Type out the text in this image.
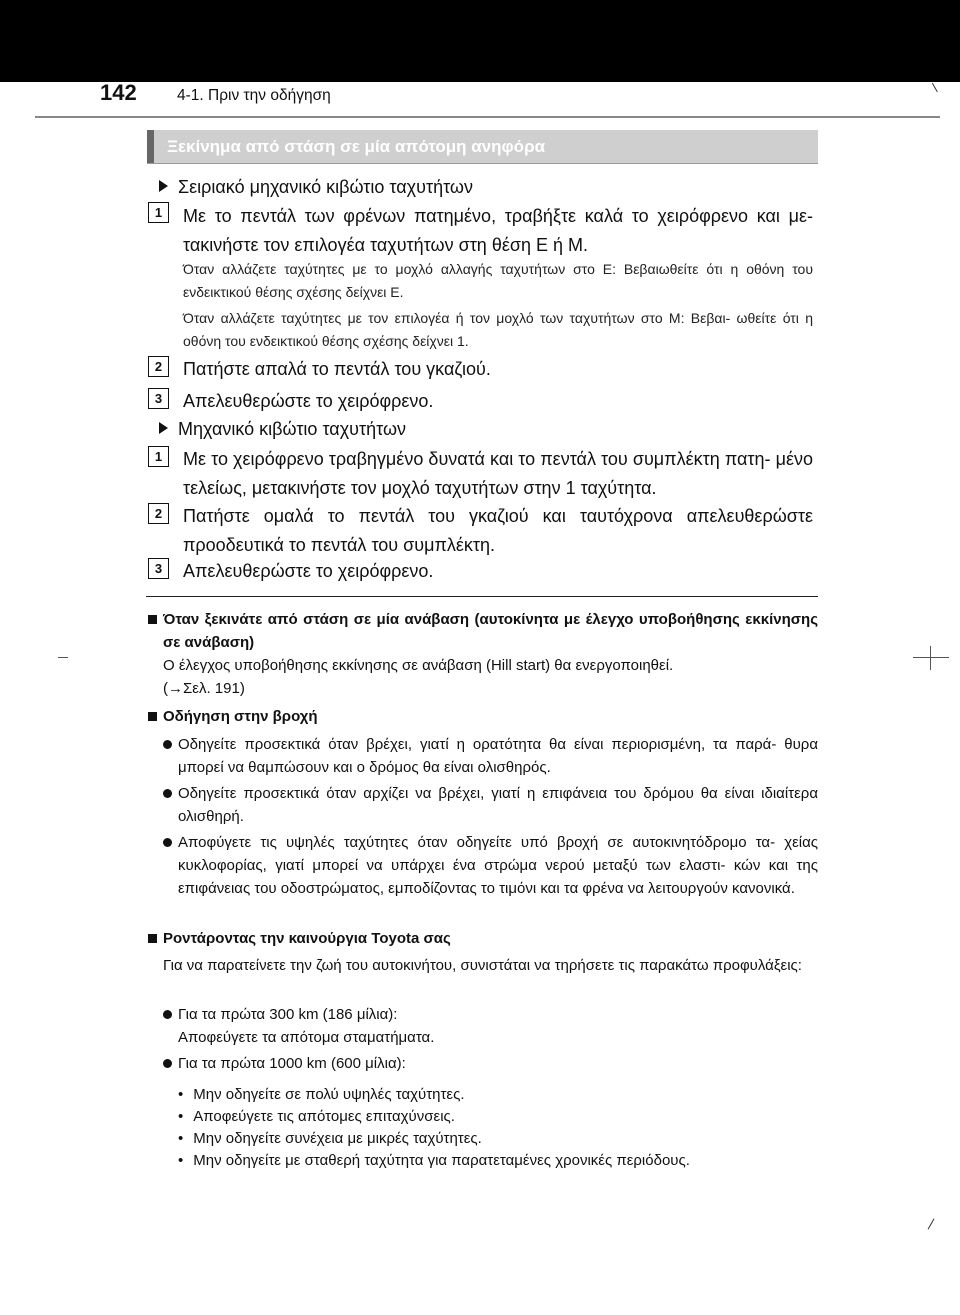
142	4-1. Πριν την οδήγηση
Ξεκίνημα από στάση σε μία απότομη ανηφόρα
Σειριακό μηχανικό κιβώτιο ταχυτήτων
1	Με το πεντάλ των φρένων πατημένο, τραβήξτε καλά το χειρόφρενο και με- τακινήστε τον επιλογέα ταχυτήτων στη θέση E ή M.
Όταν αλλάζετε ταχύτητες με το μοχλό αλλαγής ταχυτήτων στο E: Βεβαιωθείτε ότι η οθόνη του ενδεικτικού θέσης σχέσης δείχνει E.
Όταν αλλάζετε ταχύτητες με τον επιλογέα ή τον μοχλό των ταχυτήτων στο M: Βεβαι- ωθείτε ότι η οθόνη του ενδεικτικού θέσης σχέσης δείχνει 1.
2	Πατήστε απαλά το πεντάλ του γκαζιού.
3	Απελευθερώστε το χειρόφρενο.
Μηχανικό κιβώτιο ταχυτήτων
1	Με το χειρόφρενο τραβηγμένο δυνατά και το πεντάλ του συμπλέκτη πατη- μένο τελείως, μετακινήστε τον μοχλό ταχυτήτων στην 1 ταχύτητα.
2	Πατήστε ομαλά το πεντάλ του γκαζιού και ταυτόχρονα απελευθερώστε προοδευτικά το πεντάλ του συμπλέκτη.
3	Απελευθερώστε το χειρόφρενο.
Όταν ξεκινάτε από στάση σε μία ανάβαση (αυτοκίνητα με έλεγχο υποβοήθησης εκκίνησης σε ανάβαση)
Ο έλεγχος υποβοήθησης εκκίνησης σε ανάβαση (Hill start) θα ενεργοποιηθεί.
(→Σελ. 191)
Οδήγηση στην βροχή
Οδηγείτε προσεκτικά όταν βρέχει, γιατί η ορατότητα θα είναι περιορισμένη, τα παρά- θυρα μπορεί να θαμπώσουν και ο δρόμος θα είναι ολισθηρός.
Οδηγείτε προσεκτικά όταν αρχίζει να βρέχει, γιατί η επιφάνεια του δρόμου θα είναι ιδιαίτερα ολισθηρή.
Αποφύγετε τις υψηλές ταχύτητες όταν οδηγείτε υπό βροχή σε αυτοκινητόδρομο τα- χείας κυκλοφορίας, γιατί μπορεί να υπάρχει ένα στρώμα νερού μεταξύ των ελαστι- κών και της επιφάνειας του οδοστρώματος, εμποδίζοντας το τιμόνι και τα φρένα να λειτουργούν κανονικά.
Ροντάροντας την καινούργια Toyota σας
Για να παρατείνετε την ζωή του αυτοκινήτου, συνιστάται να τηρήσετε τις παρακάτω προφυλάξεις:
Για τα πρώτα 300 km (186 μίλια):
Αποφεύγετε τα απότομα σταματήματα.
Για τα πρώτα 1000 km (600 μίλια):
• Μην οδηγείτε σε πολύ υψηλές ταχύτητες.
• Αποφεύγετε τις απότομες επιταχύνσεις.
• Μην οδηγείτε συνέχεια με μικρές ταχύτητες.
• Μην οδηγείτε με σταθερή ταχύτητα για παρατεταμένες χρονικές περιόδους.
